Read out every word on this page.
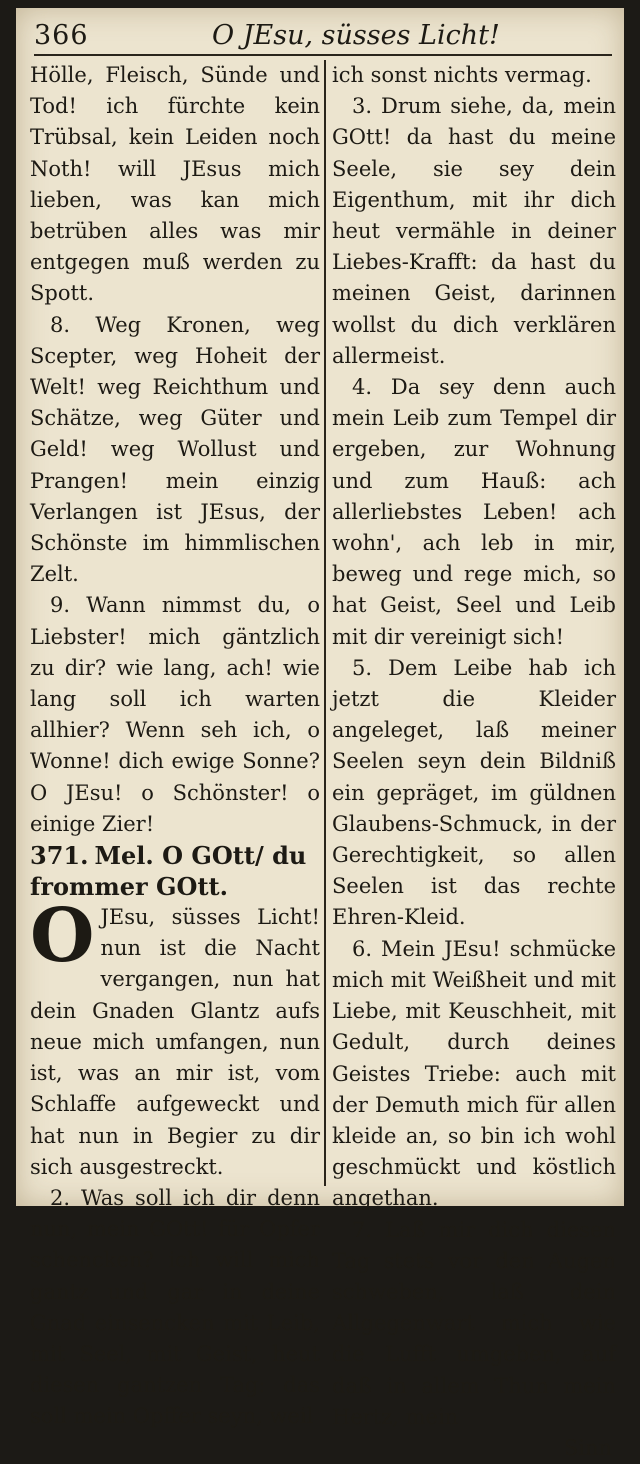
366	O JEsu, süsses Licht!

Hölle, Fleisch, Sünde und Tod! ich fürchte kein Trübsal, kein Leiden noch Noth! will JEsus mich lieben, was kan mich betrüben alles was mir entgegen muß werden zu Spott.

8. Weg Kronen, weg Scepter, weg Hoheit der Welt! weg Reichthum und Schätze, weg Güter und Geld! weg Wollust und Prangen! mein einzig Verlangen ist JEsus, der Schönste im himmlischen Zelt.

9. Wann nimmst du, o Liebster! mich gäntzlich zu dir? wie lang, ach! wie lang soll ich warten allhier? Wenn seh ich, o Wonne! dich ewige Sonne? O JEsu! o Schönster! o einige Zier!

371. Mel. O GOtt/ du frommer GOtt.

O JEsu, süsses Licht! nun ist die Nacht vergangen, nun hat dein Gnaden Glantz aufs neue mich umfangen, nun ist, was an mir ist, vom Schlaffe aufgeweckt und hat nun in Begier zu dir sich ausgestreckt.

2. Was soll ich dir denn nun, mein GOtt! für Opfer schencken? ich will mich gantz und gar in deine Gnad einsencken mit Leib, mit Seel, mit Geist, heut diesen gantzen Tag: das soll mein Opffer seyn, weil

ich sonst nichts vermag.

3. Drum siehe, da, mein GOtt! da hast du meine Seele, sie sey dein Eigenthum, mit ihr dich heut vermähle in deiner Liebes-Krafft: da hast du meinen Geist, darinnen wollst du dich verklären allermeist.

4. Da sey denn auch mein Leib zum Tempel dir ergeben, zur Wohnung und zum Hauß: ach allerliebstes Leben! ach wohn', ach leb in mir, beweg und rege mich, so hat Geist, Seel und Leib mit dir vereinigt sich!

5. Dem Leibe hab ich jetzt die Kleider angeleget, laß meiner Seelen seyn dein Bildniß ein gepräget, im güldnen Glaubens-Schmuck, in der Gerechtigkeit, so allen Seelen ist das rechte Ehren-Kleid.

6. Mein JEsu! schmücke mich mit Weißheit und mit Liebe, mit Keuschheit, mit Gedult, durch deines Geistes Triebe: auch mit der Demuth mich für allen kleide an, so bin ich wohl geschmückt und köstlich angethan.

7. Laß mir dich diesen Tag stets vor den Augen schweben, laß dein Allgegenwart mich wie die Lufft umgeben, auf daß in allem Thun mein Hertz, mein

Sinn
